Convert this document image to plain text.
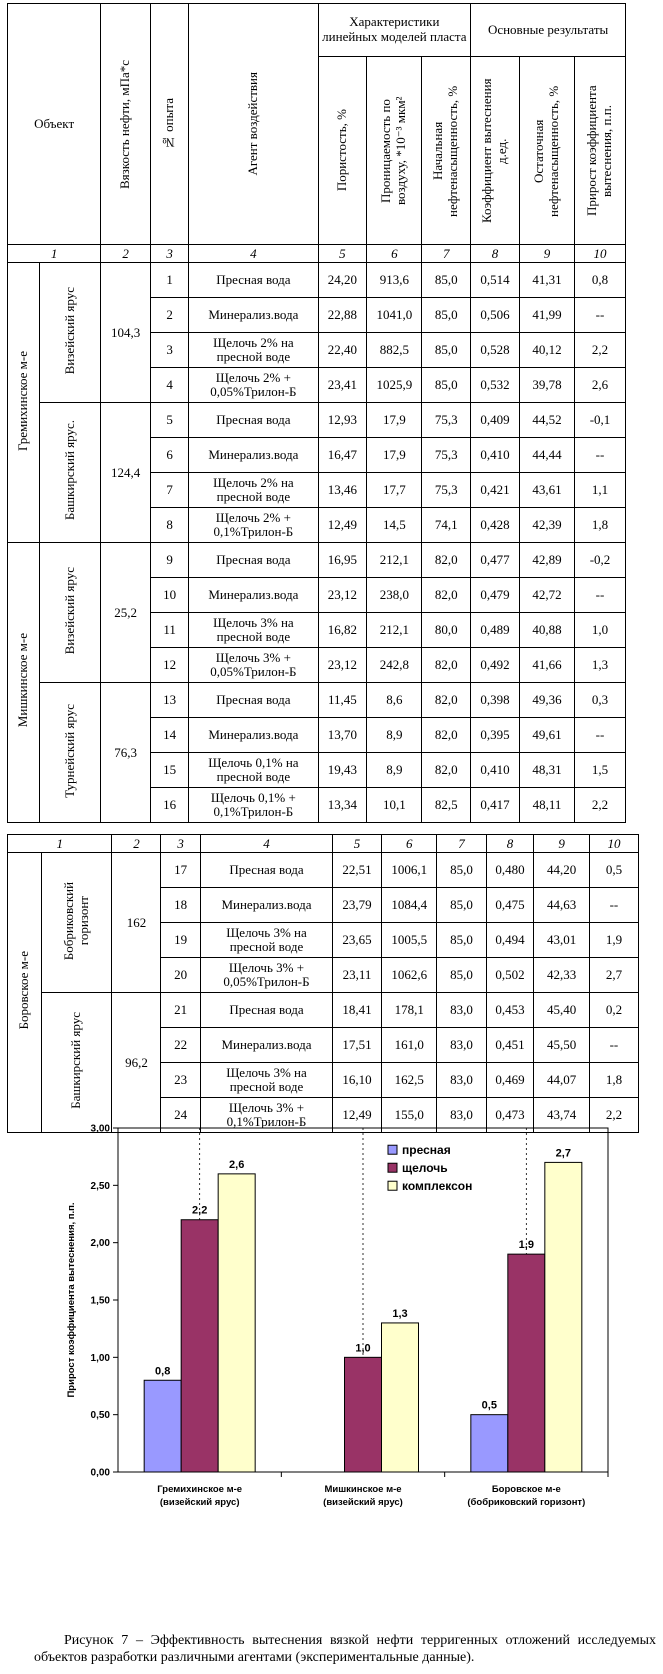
Объект		Вязкость нефти, мПа*с	№ опыта	Агент воздействия	Характеристики линейных моделей пласта			Основные результаты		

					Пористость, %	Проницаемость по воздуху, *10⁻³ мкм²	Начальная нефтенасыщенность, %	Коэффициент вытеснения д.ед.	Остаточная нефтенасыщенность, %	Прирост коэффициента вытеснения, п.п.

1		2	3	4	5	6	7	8	9	10
Гремихинское м-е	Визейский ярус	104,3	1	Пресная вода	24,20	913,6	85,0	0,514	41,31	0,8
			2	Минерализ.вода	22,88	1041,0	85,0	0,506	41,99	--
			3	Щелочь 2% на пресной воде	22,40	882,5	85,0	0,528	40,12	2,2
			4	Щелочь 2% + 0,05%Трилон-Б	23,41	1025,9	85,0	0,532	39,78	2,6
	Башкирский ярус.	124,4	5	Пресная вода	12,93	17,9	75,3	0,409	44,52	-0,1
			6	Минерализ.вода	16,47	17,9	75,3	0,410	44,44	--
			7	Щелочь 2% на пресной воде	13,46	17,7	75,3	0,421	43,61	1,1
			8	Щелочь 2% + 0,1%Трилон-Б	12,49	14,5	74,1	0,428	42,39	1,8
Мишкинское м-е	Визейский ярус	25,2	9	Пресная вода	16,95	212,1	82,0	0,477	42,89	-0,2
			10	Минерализ.вода	23,12	238,0	82,0	0,479	42,72	--
			11	Щелочь 3% на пресной воде	16,82	212,1	80,0	0,489	40,88	1,0
			12	Щелочь 3% + 0,05%Трилон-Б	23,12	242,8	82,0	0,492	41,66	1,3
	Турнейский ярус	76,3	13	Пресная вода	11,45	8,6	82,0	0,398	49,36	0,3
			14	Минерализ.вода	13,70	8,9	82,0	0,395	49,61	--
			15	Щелочь 0,1% на пресной воде	19,43	8,9	82,0	0,410	48,31	1,5
			16	Щелочь 0,1% + 0,1%Трилон-Б	13,34	10,1	82,5	0,417	48,11	2,2
1		2	3	4	5	6	7	8	9	10
Боровское м-е	Бобриковский горизонт	162	17	Пресная вода	22,51	1006,1	85,0	0,480	44,20	0,5
			18	Минерализ.вода	23,79	1084,4	85,0	0,475	44,63	--
			19	Щелочь 3% на пресной воде	23,65	1005,5	85,0	0,494	43,01	1,9
			20	Щелочь 3% + 0,05%Трилон-Б	23,11	1062,6	85,0	0,502	42,33	2,7
	Башкирский ярус	96,2	21	Пресная вода	18,41	178,1	83,0	0,453	45,40	0,2
			22	Минерализ.вода	17,51	161,0	83,0	0,451	45,50	--
			23	Щелочь 3% на пресной воде	16,10	162,5	83,0	0,469	44,07	1,8
			24	Щелочь 3% + 0,1%Трилон-Б	12,49	155,0	83,0	0,473	43,74	2,2
0,00
0,50
1,00
1,50
2,00
2,50
3,00
0,8
0,5
2,2
1,0
1,9
2,6
1,3
2,7
Гремихинское м-е
(визейский ярус)
Мишкинское м-е
(визейский ярус)
Боровское м-е
(бобриковский горизонт)
Прирост коэффициента вытеснения, п.п.
пресная
щелочь
комплексон
Рисунок 7 – Эффективность вытеснения вязкой нефти терригенных отложений исследуемых объектов разработки различными агентами (экспериментальные данные).
